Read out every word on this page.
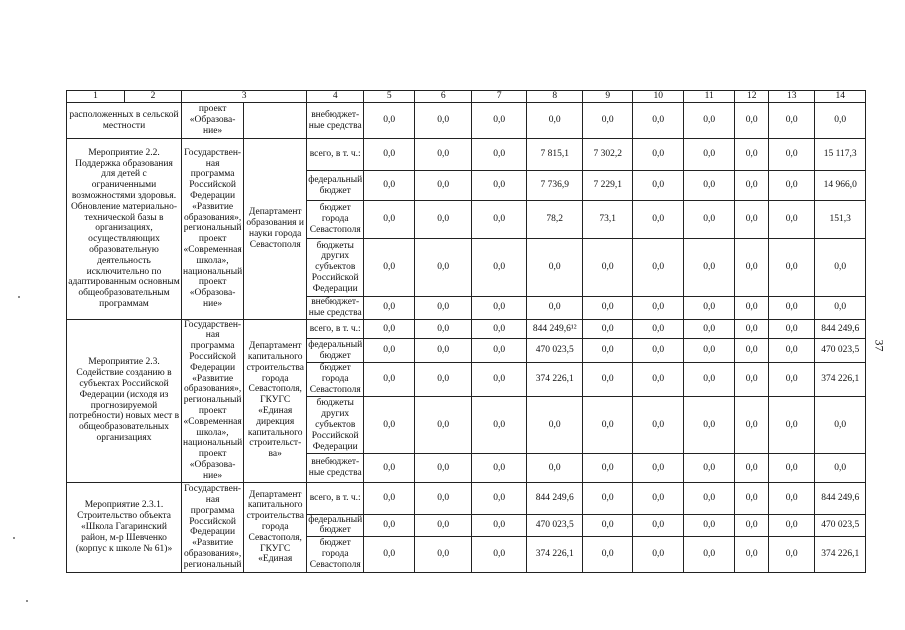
1	2	3		4	5	6	7	8	9	10	11	12	13	14
расположенных в сельской местности		проект «Образова-ние»		внебюджет-ные средства	0,0	0,0	0,0	0,0	0,0	0,0	0,0	0,0	0,0	0,0
Мероприятие 2.2. Поддержка образования для детей с ограниченными возможностями здоровья. Обновление материально-технической базы в организациях, осуществляющих образовательную деятельность исключительно по адаптированным основным общеобразовательным программам		Государствен-ная программа Российской Федерации «Развитие образования», региональный проект «Современная школа», национальный проект «Образова-ние»	Департамент образования и науки города Севастополя	всего, в т. ч.:	0,0	0,0	0,0	7 815,1	7 302,2	0,0	0,0	0,0	0,0	15 117,3
				федеральный бюджет	0,0	0,0	0,0	7 736,9	7 229,1	0,0	0,0	0,0	0,0	14 966,0
				бюджет города Севастополя	0,0	0,0	0,0	78,2	73,1	0,0	0,0	0,0	0,0	151,3
				бюджеты других субъектов Российской Федерации	0,0	0,0	0,0	0,0	0,0	0,0	0,0	0,0	0,0	0,0
				внебюджет-ные средства	0,0	0,0	0,0	0,0	0,0	0,0	0,0	0,0	0,0	0,0
Мероприятие 2.3. Содействие созданию в субъектах Российской Федерации (исходя из прогнозируемой потребности) новых мест в общеобразовательных организациях		Государствен-ная программа Российской Федерации «Развитие образования», региональный проект «Современная школа», национальный проект «Образова-ние»	Департамент капитального строительства города Севастополя, ГКУГС «Единая дирекция капитального строительст-ва»	всего, в т. ч.:	0,0	0,0	0,0	844 249,6¹²	0,0	0,0	0,0	0,0	0,0	844 249,6
				федеральный бюджет	0,0	0,0	0,0	470 023,5	0,0	0,0	0,0	0,0	0,0	470 023,5
				бюджет города Севастополя	0,0	0,0	0,0	374 226,1	0,0	0,0	0,0	0,0	0,0	374 226,1
				бюджеты других субъектов Российской Федерации	0,0	0,0	0,0	0,0	0,0	0,0	0,0	0,0	0,0	0,0
				внебюджет-ные средства	0,0	0,0	0,0	0,0	0,0	0,0	0,0	0,0	0,0	0,0
Мероприятие 2.3.1. Строительство объекта «Школа Гагаринский район, м-р Шевченко (корпус к школе № 61)»		Государствен-ная программа Российской Федерации «Развитие образования», региональный	Департамент капитального строительства города Севастополя, ГКУГС «Единая	всего, в т. ч.:	0,0	0,0	0,0	844 249,6	0,0	0,0	0,0	0,0	0,0	844 249,6
				федеральный бюджет	0,0	0,0	0,0	470 023,5	0,0	0,0	0,0	0,0	0,0	470 023,5
				бюджет города Севастополя	0,0	0,0	0,0	374 226,1	0,0	0,0	0,0	0,0	0,0	374 226,1
37
